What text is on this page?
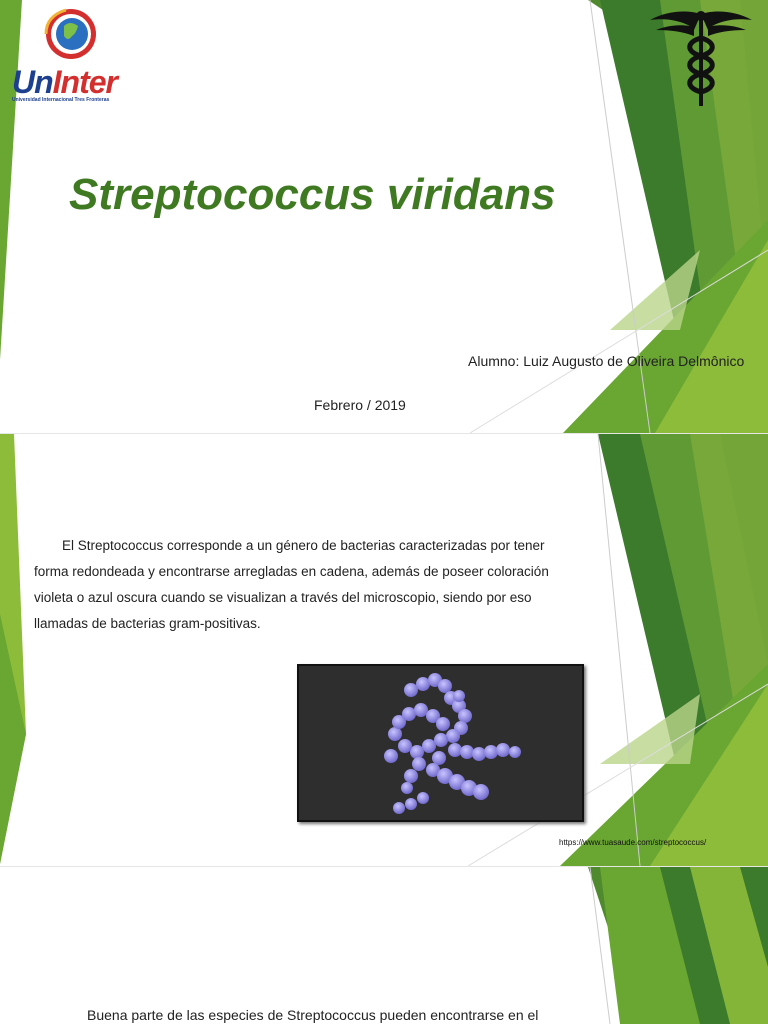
UnInter
Universidad Internacional Tres Fronteras
Streptococcus viridans
Alumno: Luiz Augusto de Oliveira Delmônico
Febrero / 2019
El Streptococcus corresponde a un género de bacterias caracterizadas por tener forma redondeada y encontrarse arregladas en cadena, además de poseer coloración violeta o azul oscura cuando se visualizan a través del microscopio, siendo por eso llamadas de bacterias gram-positivas.
https://www.tuasaude.com/streptococcus/
Buena parte de las especies de Streptococcus pueden encontrarse en el
